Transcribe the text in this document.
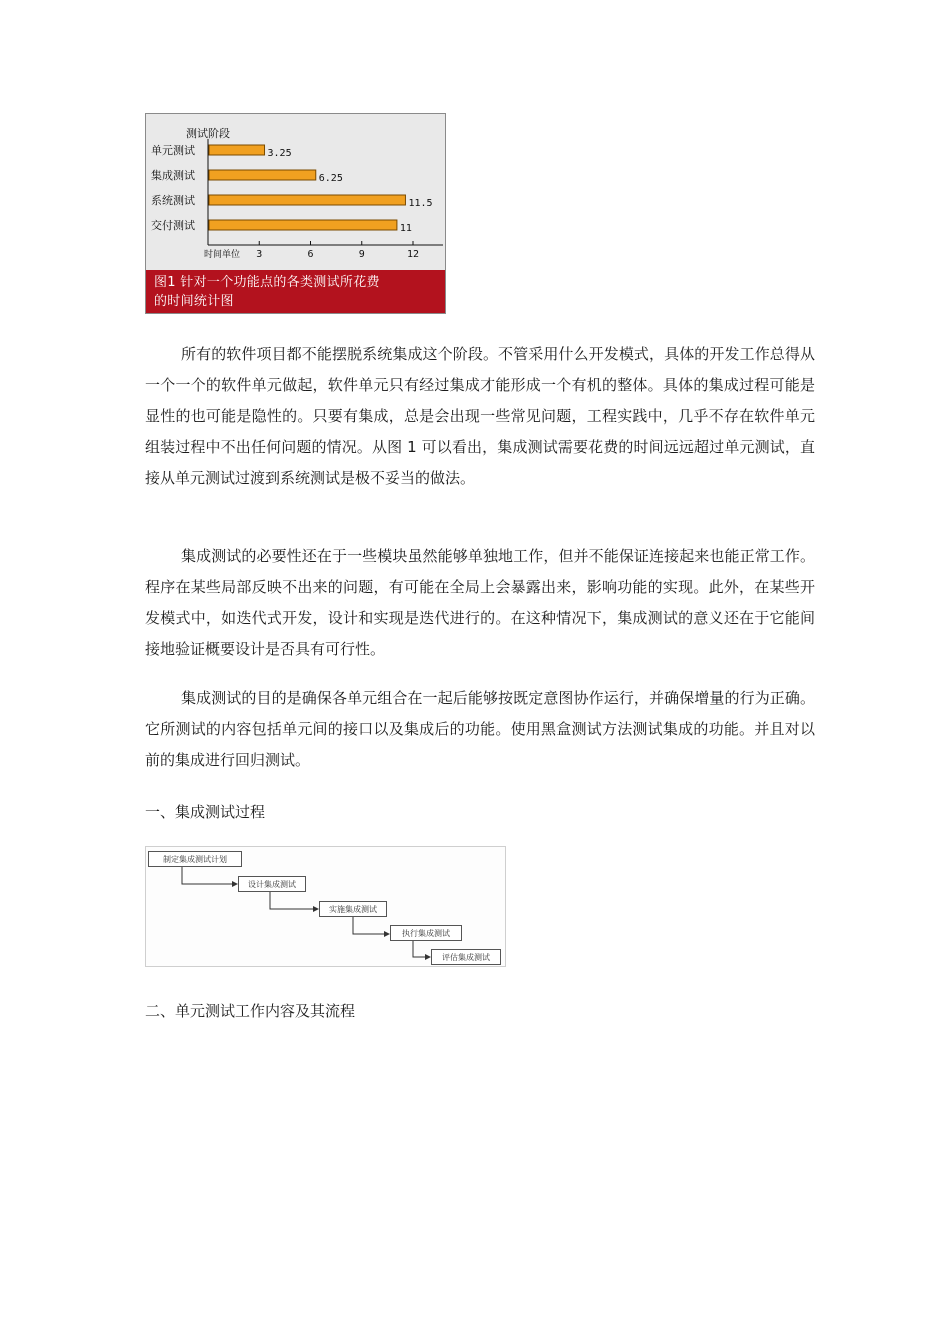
测试阶段
单元测试	3.25
集成测试	6.25
系统测试	11.5
交付测试	11
时间单位 3	6	9	12
图1 针对一个功能点的各类测试所花费
的时间统计图

所有的软件项目都不能摆脱系统集成这个阶段。不管采用什么开发模式，具体的开发工作总得从一个一个的软件单元做起，软件单元只有经过集成才能形成一个有机的整体。具体的集成过程可能是显性的也可能是隐性的。只要有集成，总是会出现一些常见问题，工程实践中，几乎不存在软件单元组装过程中不出任何问题的情况。从图 1 可以看出，集成测试需要花费的时间远远超过单元测试，直接从单元测试过渡到系统测试是极不妥当的做法。

集成测试的必要性还在于一些模块虽然能够单独地工作，但并不能保证连接起来也能正常工作。程序在某些局部反映不出来的问题，有可能在全局上会暴露出来，影响功能的实现。此外，在某些开发模式中，如迭代式开发，设计和实现是迭代进行的。在这种情况下，集成测试的意义还在于它能间接地验证概要设计是否具有可行性。

集成测试的目的是确保各单元组合在一起后能够按既定意图协作运行，并确保增量的行为正确。它所测试的内容包括单元间的接口以及集成后的功能。使用黑盒测试方法测试集成的功能。并且对以前的集成进行回归测试。

一、集成测试过程

制定集成测试计划
设计集成测试
实施集成测试
执行集成测试
评估集成测试

二、单元测试工作内容及其流程
